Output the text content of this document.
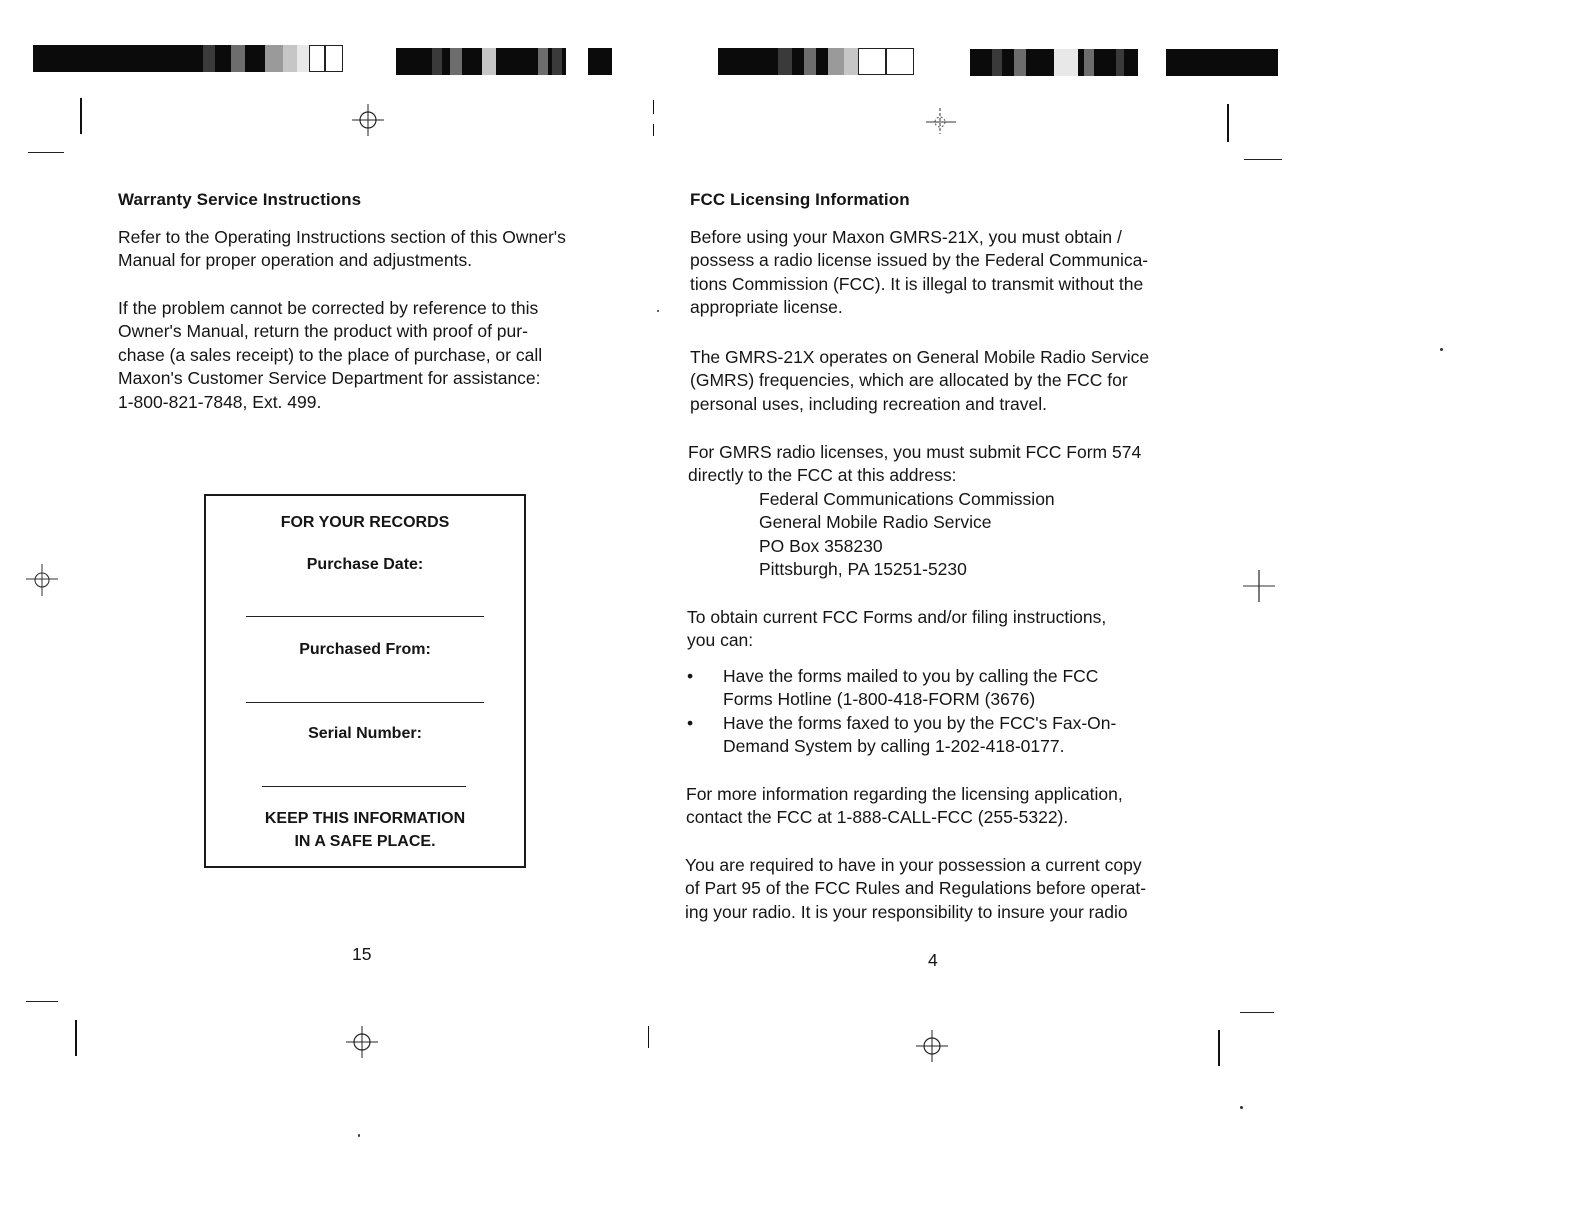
Warranty Service Instructions
Refer to the Operating Instructions section of this Owner's
Manual for proper operation and adjustments.
If the problem cannot be corrected by reference to this
Owner's Manual, return the product with proof of pur-
chase (a sales receipt) to the place of purchase, or call
Maxon's Customer Service Department for assistance:
1-800-821-7848, Ext. 499.
FOR YOUR RECORDS
Purchase Date:
Purchased From:
Serial Number:
KEEP THIS INFORMATION
IN A SAFE PLACE.
15
FCC Licensing Information
Before using your Maxon GMRS-21X, you must obtain /
possess a radio license issued by the Federal Communica-
tions Commission (FCC). It is illegal to transmit without the
appropriate license.
The GMRS-21X operates on General Mobile Radio Service
(GMRS) frequencies, which are allocated by the FCC for
personal uses, including recreation and travel.
For GMRS radio licenses, you must submit FCC Form 574
directly to the FCC at this address:
Federal Communications Commission
General Mobile Radio Service
PO Box 358230
Pittsburgh, PA 15251-5230
To obtain current FCC Forms and/or filing instructions,
you can:
• Have the forms mailed to you by calling the FCC
Forms Hotline (1-800-418-FORM (3676)
• Have the forms faxed to you by the FCC's Fax-On-
Demand System by calling 1-202-418-0177.
For more information regarding the licensing application,
contact the FCC at 1-888-CALL-FCC (255-5322).
You are required to have in your possession a current copy
of Part 95 of the FCC Rules and Regulations before operat-
ing your radio. It is your responsibility to insure your radio
4
